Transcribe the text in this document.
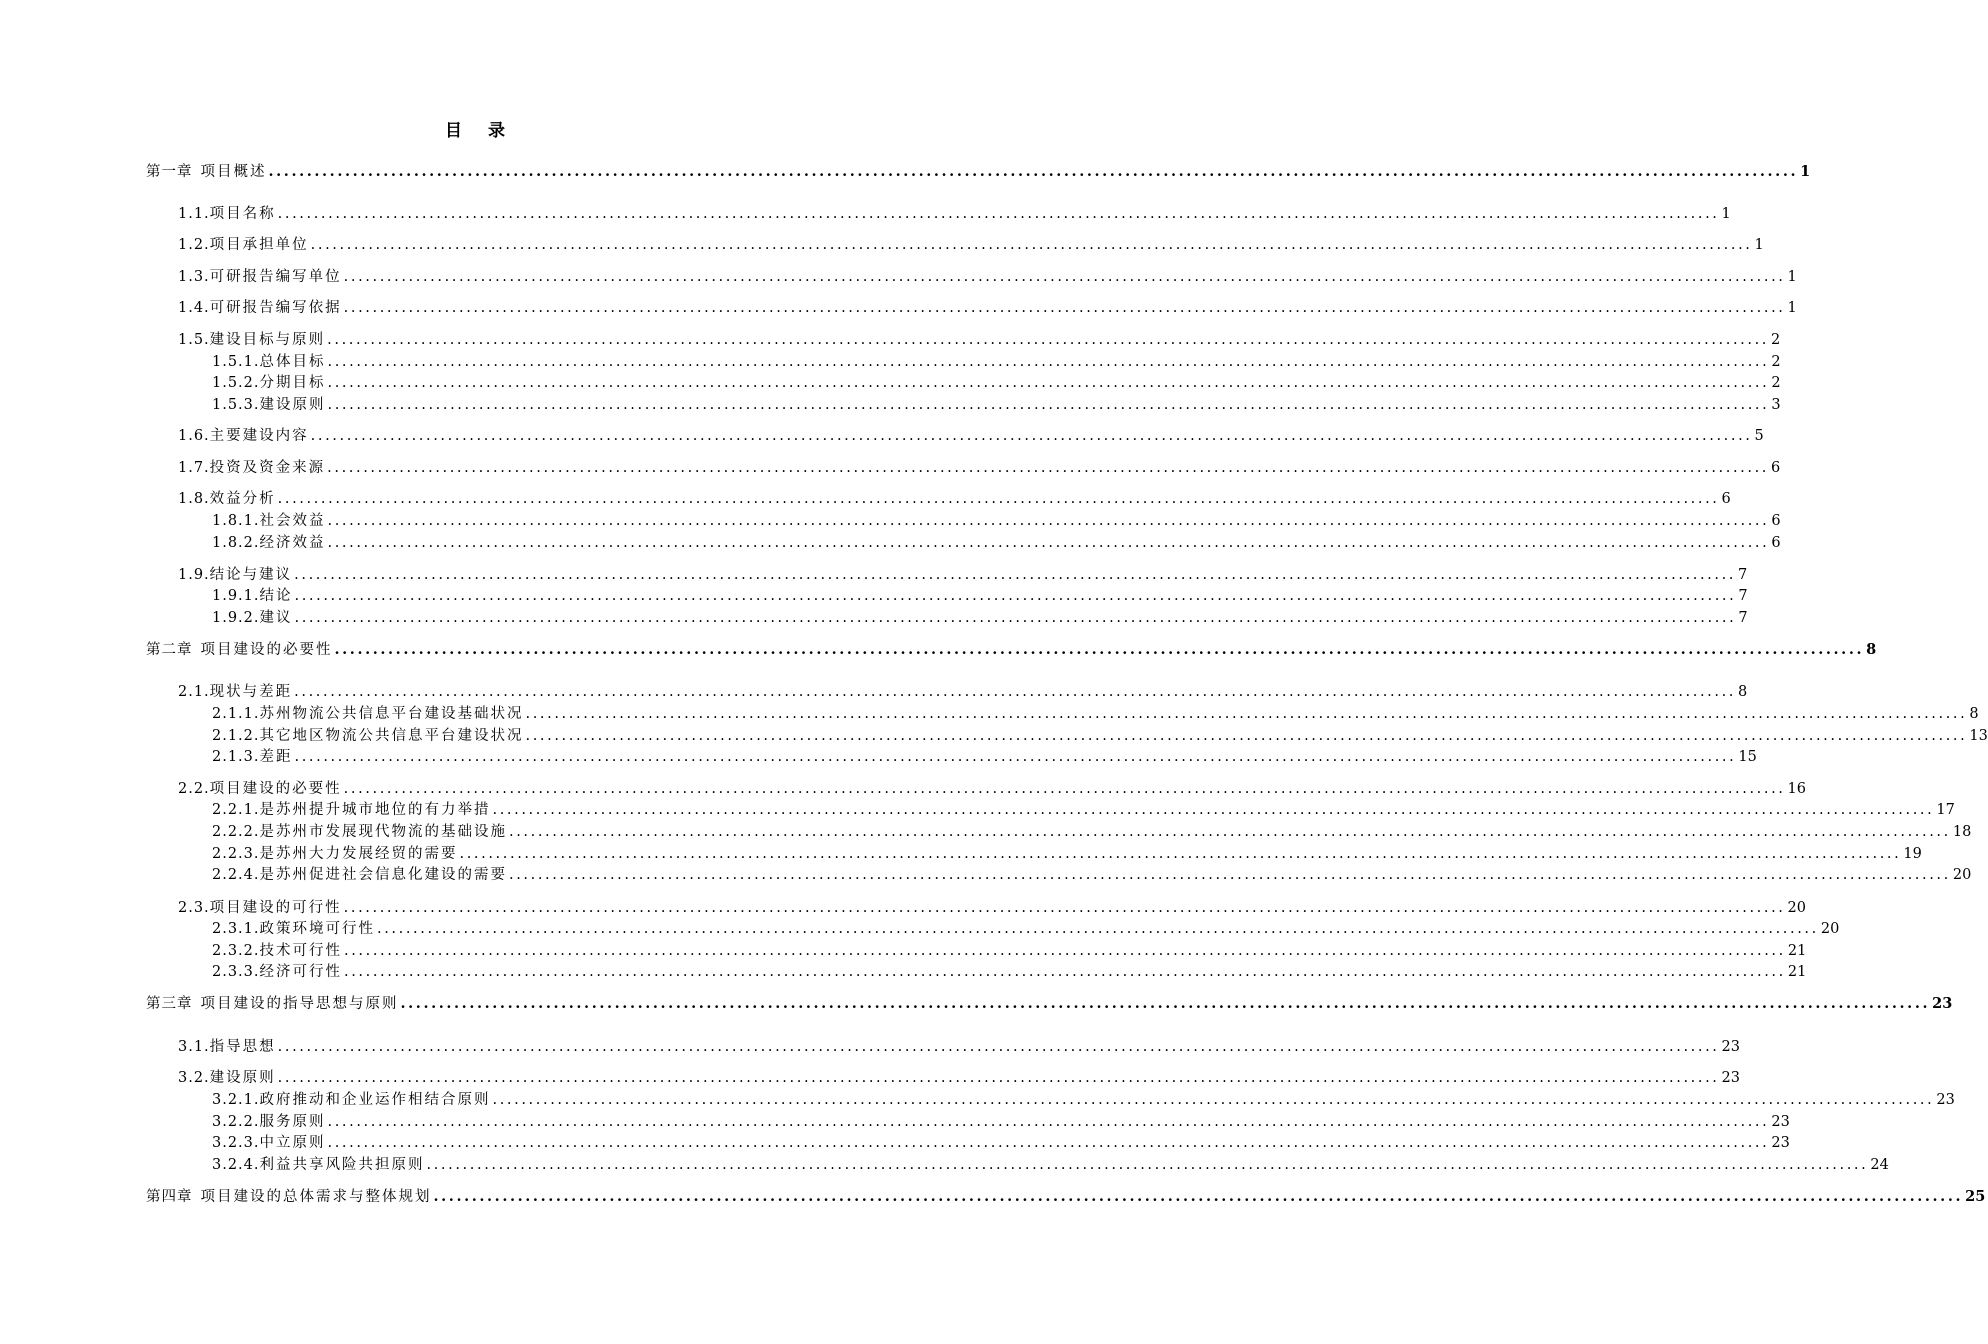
目 录
第一章 项目概述 ........................................................................................................................................................................................................ 1
1.1. 项目名称 ........................................................................................................................................................................................................ 1
1.2. 项目承担单位 ........................................................................................................................................................................................................ 1
1.3. 可研报告编写单位 ........................................................................................................................................................................................................ 1
1.4. 可研报告编写依据 ........................................................................................................................................................................................................ 1
1.5. 建设目标与原则 ........................................................................................................................................................................................................ 2
1.5.1. 总体目标 ........................................................................................................................................................................................................ 2
1.5.2. 分期目标 ........................................................................................................................................................................................................ 2
1.5.3. 建设原则 ........................................................................................................................................................................................................ 3
1.6. 主要建设内容 ........................................................................................................................................................................................................ 5
1.7. 投资及资金来源 ........................................................................................................................................................................................................ 6
1.8. 效益分析 ........................................................................................................................................................................................................ 6
1.8.1. 社会效益 ........................................................................................................................................................................................................ 6
1.8.2. 经济效益 ........................................................................................................................................................................................................ 6
1.9. 结论与建议 ........................................................................................................................................................................................................ 7
1.9.1. 结论 ........................................................................................................................................................................................................ 7
1.9.2. 建议 ........................................................................................................................................................................................................ 7
第二章 项目建设的必要性 ........................................................................................................................................................................................................ 8
2.1. 现状与差距 ........................................................................................................................................................................................................ 8
2.1.1. 苏州物流公共信息平台建设基础状况 ........................................................................................................................................................................................................ 8
2.1.2. 其它地区物流公共信息平台建设状况 ........................................................................................................................................................................................................ 13
2.1.3. 差距 ........................................................................................................................................................................................................ 15
2.2. 项目建设的必要性 ........................................................................................................................................................................................................ 16
2.2.1. 是苏州提升城市地位的有力举措 ........................................................................................................................................................................................................ 17
2.2.2. 是苏州市发展现代物流的基础设施 ........................................................................................................................................................................................................ 18
2.2.3. 是苏州大力发展经贸的需要 ........................................................................................................................................................................................................ 19
2.2.4. 是苏州促进社会信息化建设的需要 ........................................................................................................................................................................................................ 20
2.3. 项目建设的可行性 ........................................................................................................................................................................................................ 20
2.3.1. 政策环境可行性 ........................................................................................................................................................................................................ 20
2.3.2. 技术可行性 ........................................................................................................................................................................................................ 21
2.3.3. 经济可行性 ........................................................................................................................................................................................................ 21
第三章 项目建设的指导思想与原则 ........................................................................................................................................................................................................ 23
3.1. 指导思想 ........................................................................................................................................................................................................ 23
3.2. 建设原则 ........................................................................................................................................................................................................ 23
3.2.1. 政府推动和企业运作相结合原则 ........................................................................................................................................................................................................ 23
3.2.2. 服务原则 ........................................................................................................................................................................................................ 23
3.2.3. 中立原则 ........................................................................................................................................................................................................ 23
3.2.4. 利益共享风险共担原则 ........................................................................................................................................................................................................ 24
第四章 项目建设的总体需求与整体规划 ........................................................................................................................................................................................................ 25
